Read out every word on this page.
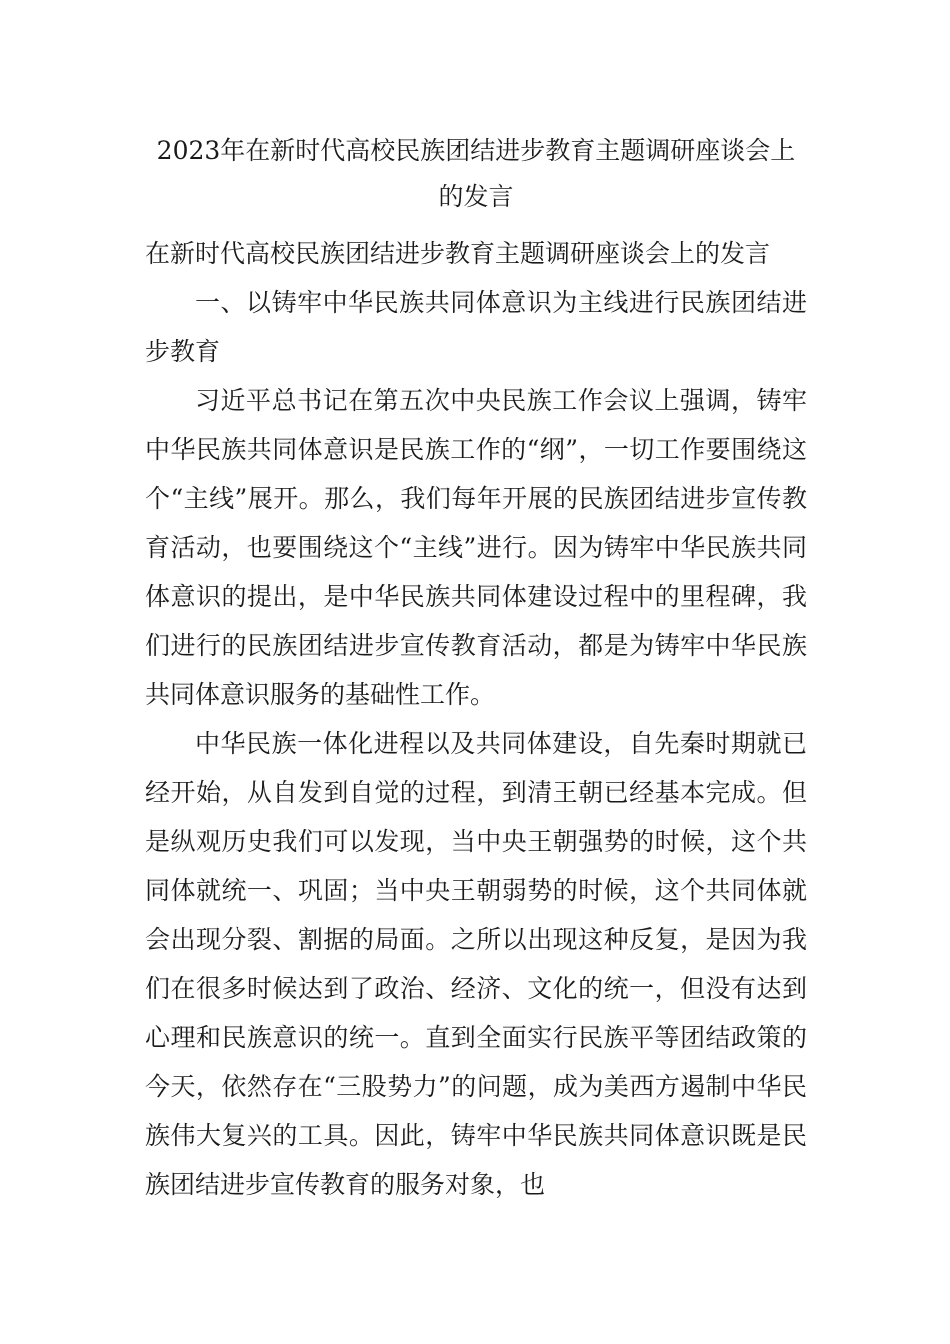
2023年在新时代高校民族团结进步教育主题调研座谈会上的发言

在新时代高校民族团结进步教育主题调研座谈会上的发言

一、以铸牢中华民族共同体意识为主线进行民族团结进步教育

习近平总书记在第五次中央民族工作会议上强调，铸牢中华民族共同体意识是民族工作的“纲”，一切工作要围绕这个“主线”展开。那么，我们每年开展的民族团结进步宣传教育活动，也要围绕这个“主线”进行。因为铸牢中华民族共同体意识的提出，是中华民族共同体建设过程中的里程碑，我们进行的民族团结进步宣传教育活动，都是为铸牢中华民族共同体意识服务的基础性工作。

中华民族一体化进程以及共同体建设，自先秦时期就已经开始，从自发到自觉的过程，到清王朝已经基本完成。但是纵观历史我们可以发现，当中央王朝强势的时候，这个共同体就统一、巩固；当中央王朝弱势的时候，这个共同体就会出现分裂、割据的局面。之所以出现这种反复，是因为我们在很多时候达到了政治、经济、文化的统一，但没有达到心理和民族意识的统一。直到全面实行民族平等团结政策的今天，依然存在“三股势力”的问题，成为美西方遏制中华民族伟大复兴的工具。因此，铸牢中华民族共同体意识既是民族团结进步宣传教育的服务对象，也
